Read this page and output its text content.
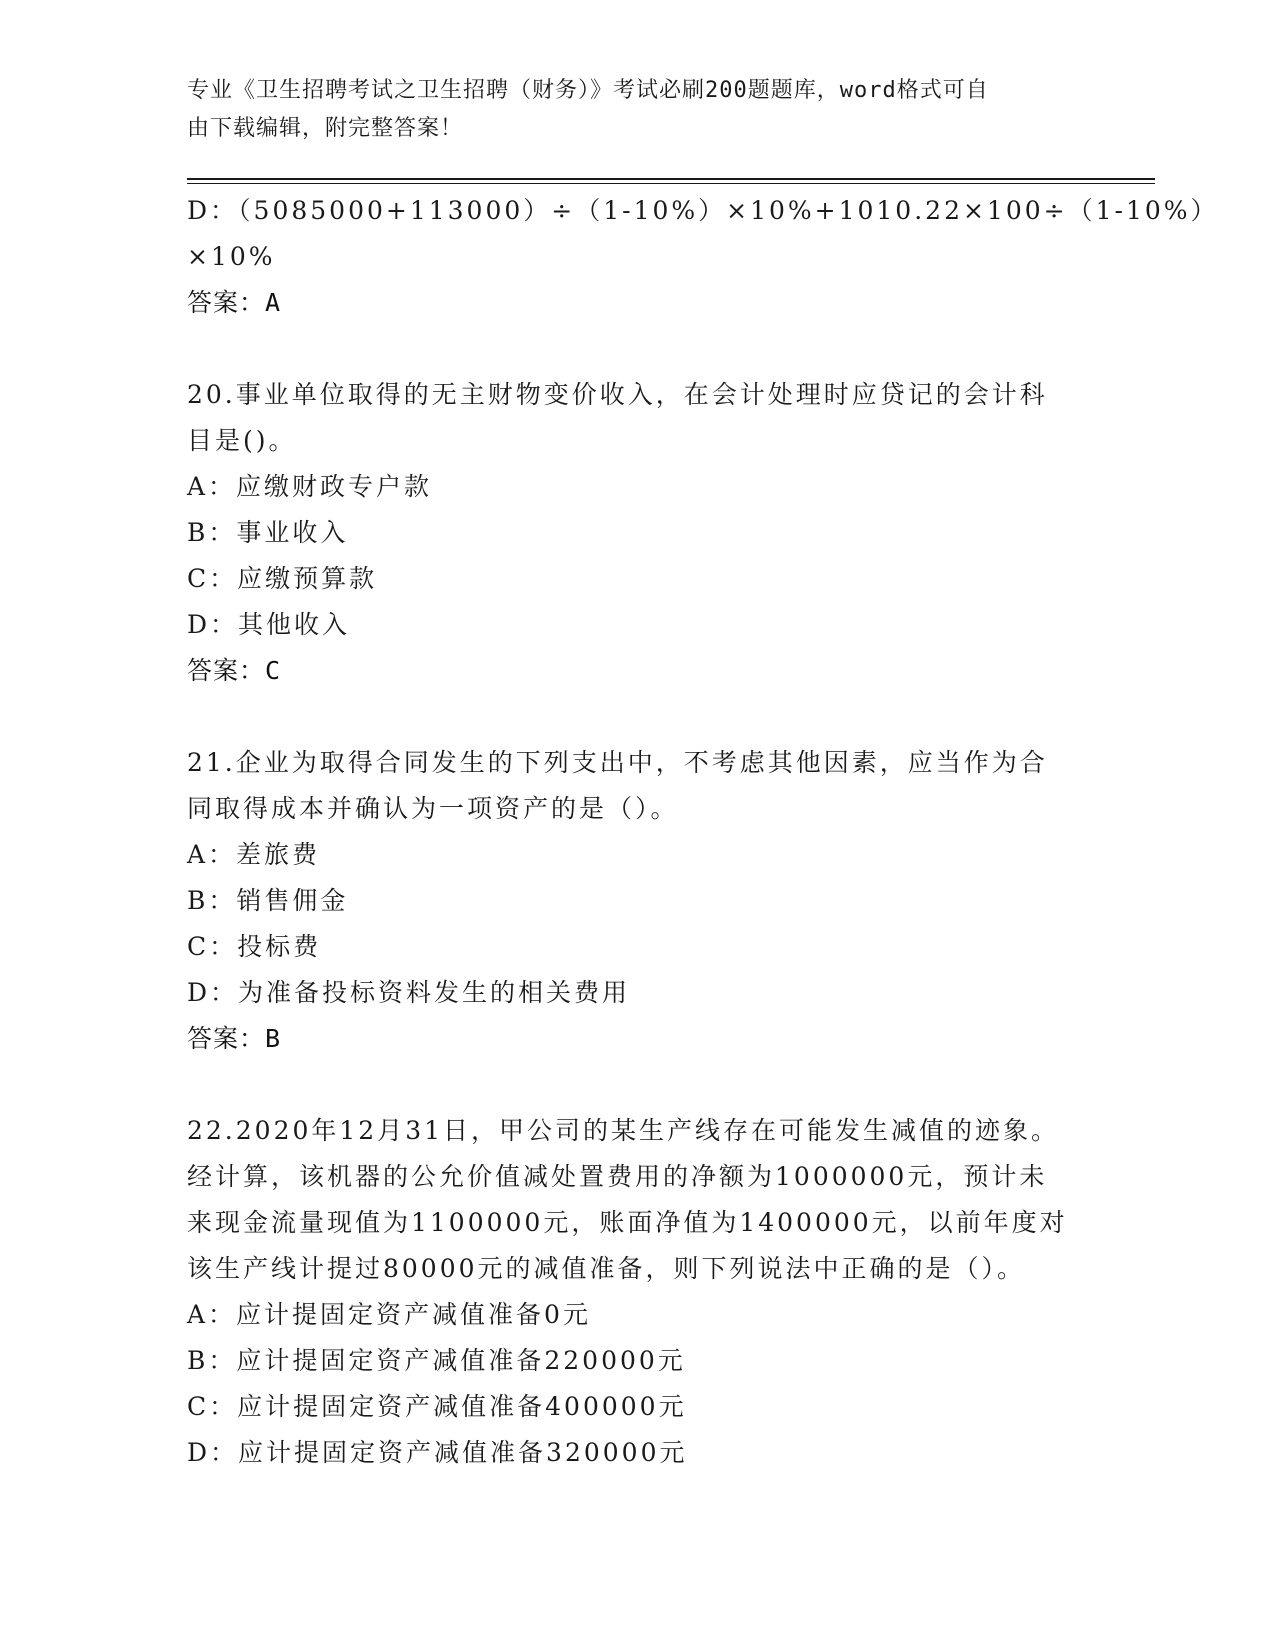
专业《卫生招聘考试之卫生招聘（财务）》考试必刷200题题库，word格式可自
由下载编辑，附完整答案！
D：（5085000+113000）÷（1-10%）×10%+1010.22×100÷（1-10%）
×10%
答案：A
20.事业单位取得的无主财物变价收入，在会计处理时应贷记的会计科
目是()。
A：应缴财政专户款
B：事业收入
C：应缴预算款
D：其他收入
答案：C
21.企业为取得合同发生的下列支出中，不考虑其他因素，应当作为合
同取得成本并确认为一项资产的是（）。
A：差旅费
B：销售佣金
C：投标费
D：为准备投标资料发生的相关费用
答案：B
22.2020年12月31日，甲公司的某生产线存在可能发生减值的迹象。
经计算，该机器的公允价值减处置费用的净额为1000000元，预计未
来现金流量现值为1100000元，账面净值为1400000元，以前年度对
该生产线计提过80000元的减值准备，则下列说法中正确的是（）。
A：应计提固定资产减值准备0元
B：应计提固定资产减值准备220000元
C：应计提固定资产减值准备400000元
D：应计提固定资产减值准备320000元
